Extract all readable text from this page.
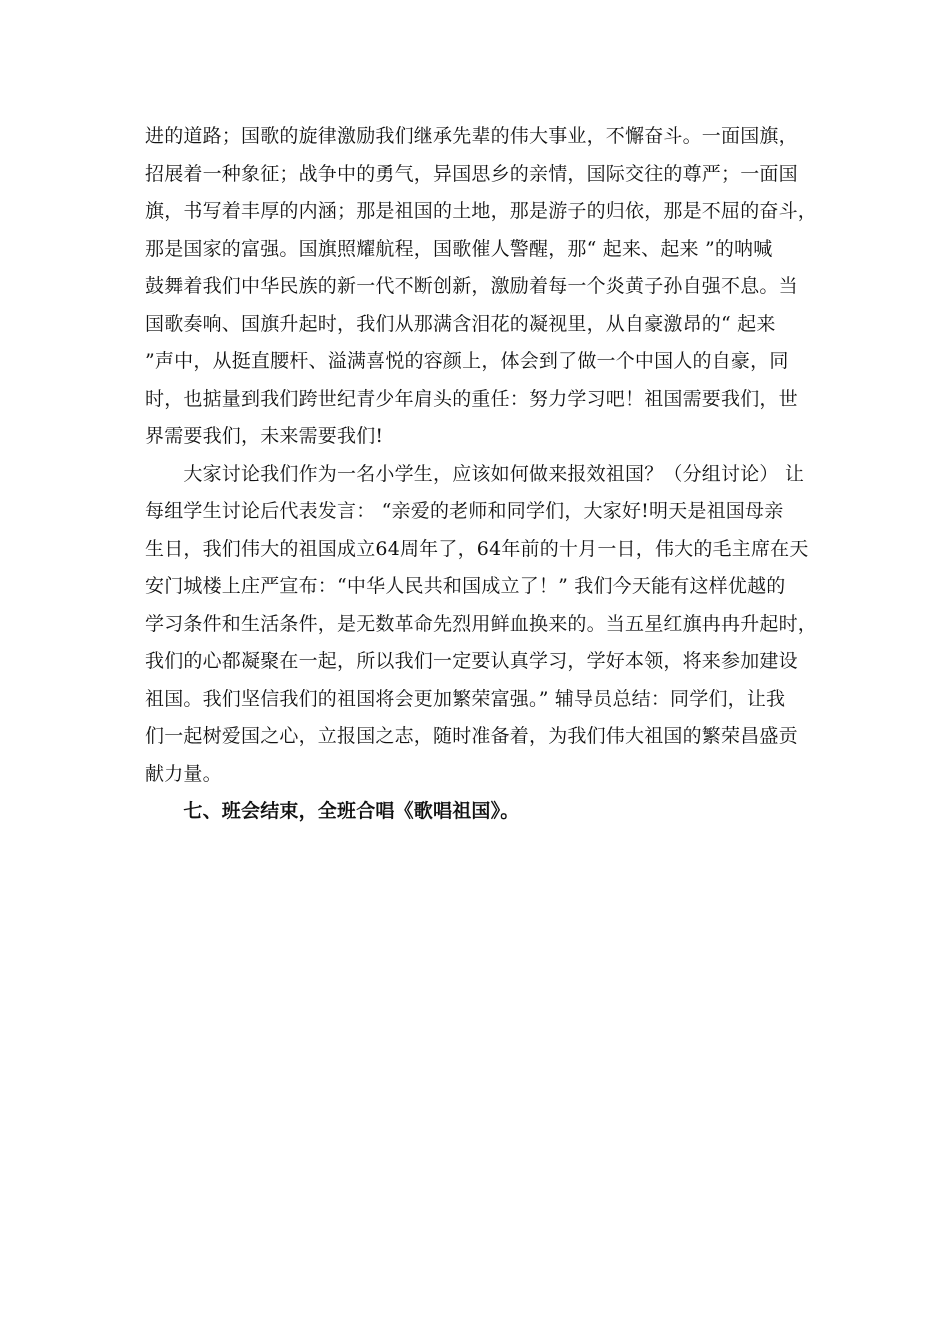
进的道路；国歌的旋律激励我们继承先辈的伟大事业，不懈奋斗。一面国旗，
招展着一种象征；战争中的勇气，异国思乡的亲情，国际交往的尊严；一面国
旗，书写着丰厚的内涵；那是祖国的土地，那是游子的归依，那是不屈的奋斗，
那是国家的富强。国旗照耀航程，国歌催人警醒，那“ 起来、起来 ”的呐喊
鼓舞着我们中华民族的新一代不断创新，激励着每一个炎黄子孙自强不息。当
国歌奏响、国旗升起时，我们从那满含泪花的凝视里，从自豪激昂的“ 起来
”声中，从挺直腰杆、溢满喜悦的容颜上，体会到了做一个中国人的自豪，同
时，也掂量到我们跨世纪青少年肩头的重任：努力学习吧！祖国需要我们，世
界需要我们，未来需要我们!
　　大家讨论我们作为一名小学生，应该如何做来报效祖国？（分组讨论） 让
每组学生讨论后代表发言： “亲爱的老师和同学们，大家好!明天是祖国母亲
生日，我们伟大的祖国成立64周年了，64年前的十月一日，伟大的毛主席在天
安门城楼上庄严宣布：“中华人民共和国成立了！” 我们今天能有这样优越的
学习条件和生活条件，是无数革命先烈用鲜血换来的。当五星红旗冉冉升起时，
我们的心都凝聚在一起，所以我们一定要认真学习，学好本领，将来参加建设
祖国。我们坚信我们的祖国将会更加繁荣富强。” 辅导员总结：同学们，让我
们一起树爱国之心，立报国之志，随时准备着，为我们伟大祖国的繁荣昌盛贡
献力量。
　　七、班会结束，全班合唱《歌唱祖国》。
